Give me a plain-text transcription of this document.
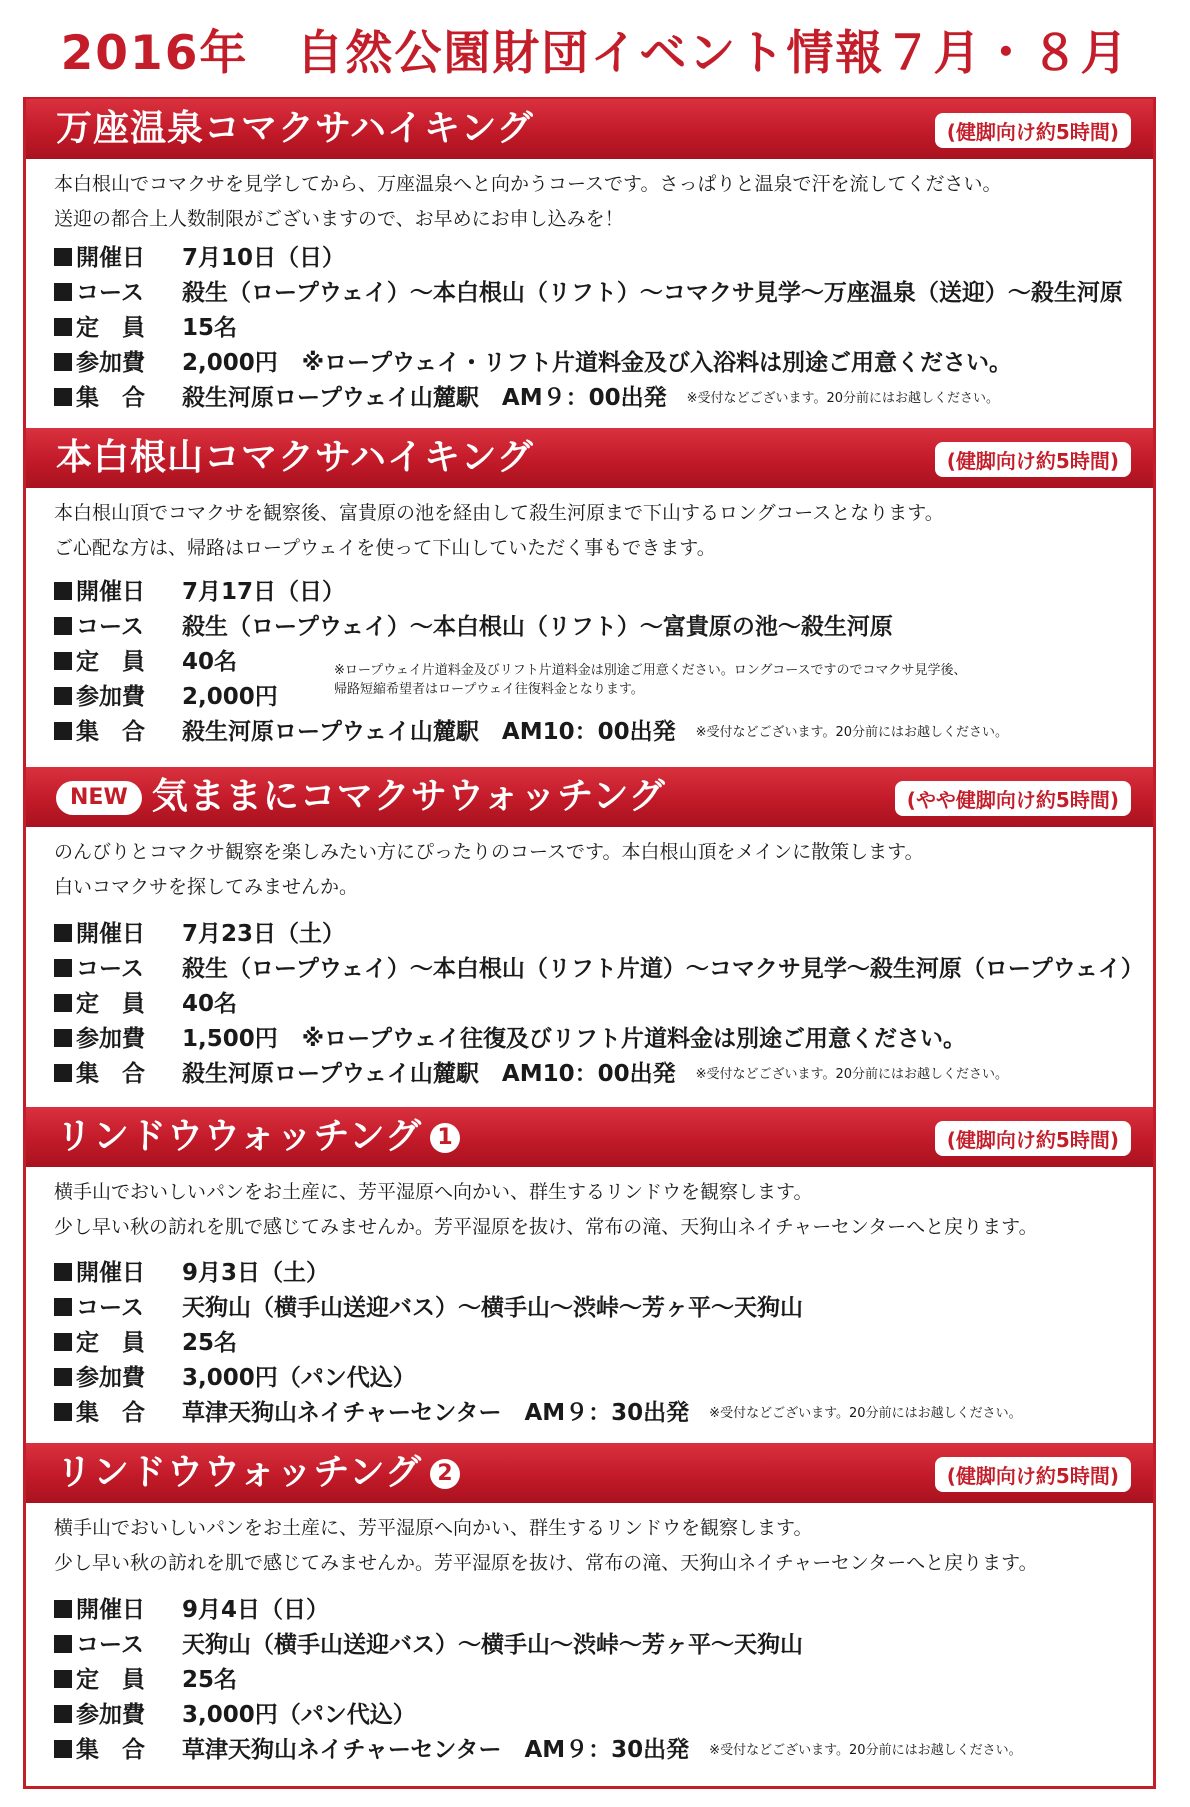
2016年 自然公園財団イベント情報７月・８月
万座温泉コマクサハイキング	(健脚向け約5時間)
本白根山でコマクサを見学してから、万座温泉へと向かうコースです。さっぱりと温泉で汗を流してください。
送迎の都合上人数制限がございますので、お早めにお申し込みを！
開催日 7月10日（日）
コース 殺生（ロープウェイ）～本白根山（リフト）～コマクサ見学～万座温泉（送迎）～殺生河原
定　員 15名
参加費 2,000円 ※ロープウェイ・リフト片道料金及び入浴料は別途ご用意ください。
集　合 殺生河原ロープウェイ山麓駅　AM９：00出発 ※受付などございます。20分前にはお越しください。
本白根山コマクサハイキング	(健脚向け約5時間)
本白根山頂でコマクサを観察後、富貴原の池を経由して殺生河原まで下山するロングコースとなります。
ご心配な方は、帰路はロープウェイを使って下山していただく事もできます。
開催日 7月17日（日）
コース 殺生（ロープウェイ）～本白根山（リフト）～富貴原の池～殺生河原
定　員 40名	※ロープウェイ片道料金及びリフト片道料金は別途ご用意ください。ロングコースですのでコマクサ見学後、
帰路短縮希望者はロープウェイ往復料金となります。
参加費 2,000円
集　合 殺生河原ロープウェイ山麓駅　AM10：00出発 ※受付などございます。20分前にはお越しください。
NEW 気ままにコマクサウォッチング	(やや健脚向け約5時間)
のんびりとコマクサ観察を楽しみたい方にぴったりのコースです。本白根山頂をメインに散策します。
白いコマクサを探してみませんか。
開催日 7月23日（土）
コース 殺生（ロープウェイ）～本白根山（リフト片道）～コマクサ見学～殺生河原（ロープウェイ）
定　員 40名
参加費 1,500円 ※ロープウェイ往復及びリフト片道料金は別途ご用意ください。
集　合 殺生河原ロープウェイ山麓駅　AM10：00出発 ※受付などございます。20分前にはお越しください。
リンドウウォッチング 1	(健脚向け約5時間)
横手山でおいしいパンをお土産に、芳平湿原へ向かい、群生するリンドウを観察します。
少し早い秋の訪れを肌で感じてみませんか。芳平湿原を抜け、常布の滝、天狗山ネイチャーセンターへと戻ります。
開催日 9月3日（土）
コース 天狗山（横手山送迎バス）～横手山～渋峠～芳ヶ平～天狗山
定　員 25名
参加費 3,000円（パン代込）
集　合 草津天狗山ネイチャーセンター　AM９：30出発 ※受付などございます。20分前にはお越しください。
リンドウウォッチング 2	(健脚向け約5時間)
横手山でおいしいパンをお土産に、芳平湿原へ向かい、群生するリンドウを観察します。
少し早い秋の訪れを肌で感じてみませんか。芳平湿原を抜け、常布の滝、天狗山ネイチャーセンターへと戻ります。
開催日 9月4日（日）
コース 天狗山（横手山送迎バス）～横手山～渋峠～芳ヶ平～天狗山
定　員 25名
参加費 3,000円（パン代込）
集　合 草津天狗山ネイチャーセンター　AM９：30出発 ※受付などございます。20分前にはお越しください。
